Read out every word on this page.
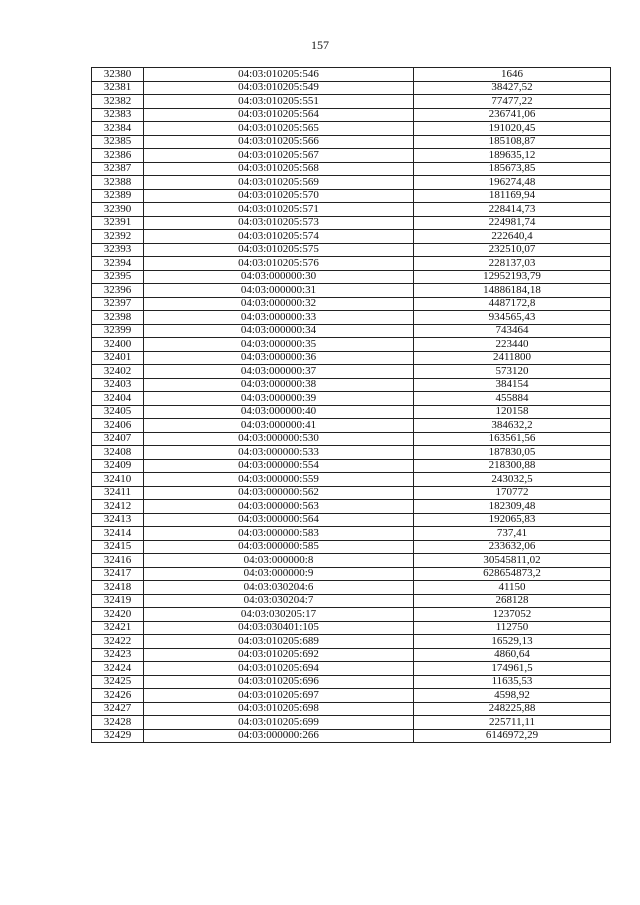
157
32380	04:03:010205:546	1646
32381	04:03:010205:549	38427,52
32382	04:03:010205:551	77477,22
32383	04:03:010205:564	236741,06
32384	04:03:010205:565	191020,45
32385	04:03:010205:566	185108,87
32386	04:03:010205:567	189635,12
32387	04:03:010205:568	185673,85
32388	04:03:010205:569	196274,48
32389	04:03:010205:570	181169,94
32390	04:03:010205:571	228414,73
32391	04:03:010205:573	224981,74
32392	04:03:010205:574	222640,4
32393	04:03:010205:575	232510,07
32394	04:03:010205:576	228137,03
32395	04:03:000000:30	12952193,79
32396	04:03:000000:31	14886184,18
32397	04:03:000000:32	4487172,8
32398	04:03:000000:33	934565,43
32399	04:03:000000:34	743464
32400	04:03:000000:35	223440
32401	04:03:000000:36	2411800
32402	04:03:000000:37	573120
32403	04:03:000000:38	384154
32404	04:03:000000:39	455884
32405	04:03:000000:40	120158
32406	04:03:000000:41	384632,2
32407	04:03:000000:530	163561,56
32408	04:03:000000:533	187830,05
32409	04:03:000000:554	218300,88
32410	04:03:000000:559	243032,5
32411	04:03:000000:562	170772
32412	04:03:000000:563	182309,48
32413	04:03:000000:564	192065,83
32414	04:03:000000:583	737,41
32415	04:03:000000:585	233632,06
32416	04:03:000000:8	30545811,02
32417	04:03:000000:9	628654873,2
32418	04:03:030204:6	41150
32419	04:03:030204:7	268128
32420	04:03:030205:17	1237052
32421	04:03:030401:105	112750
32422	04:03:010205:689	16529,13
32423	04:03:010205:692	4860,64
32424	04:03:010205:694	174961,5
32425	04:03:010205:696	11635,53
32426	04:03:010205:697	4598,92
32427	04:03:010205:698	248225,88
32428	04:03:010205:699	225711,11
32429	04:03:000000:266	6146972,29
